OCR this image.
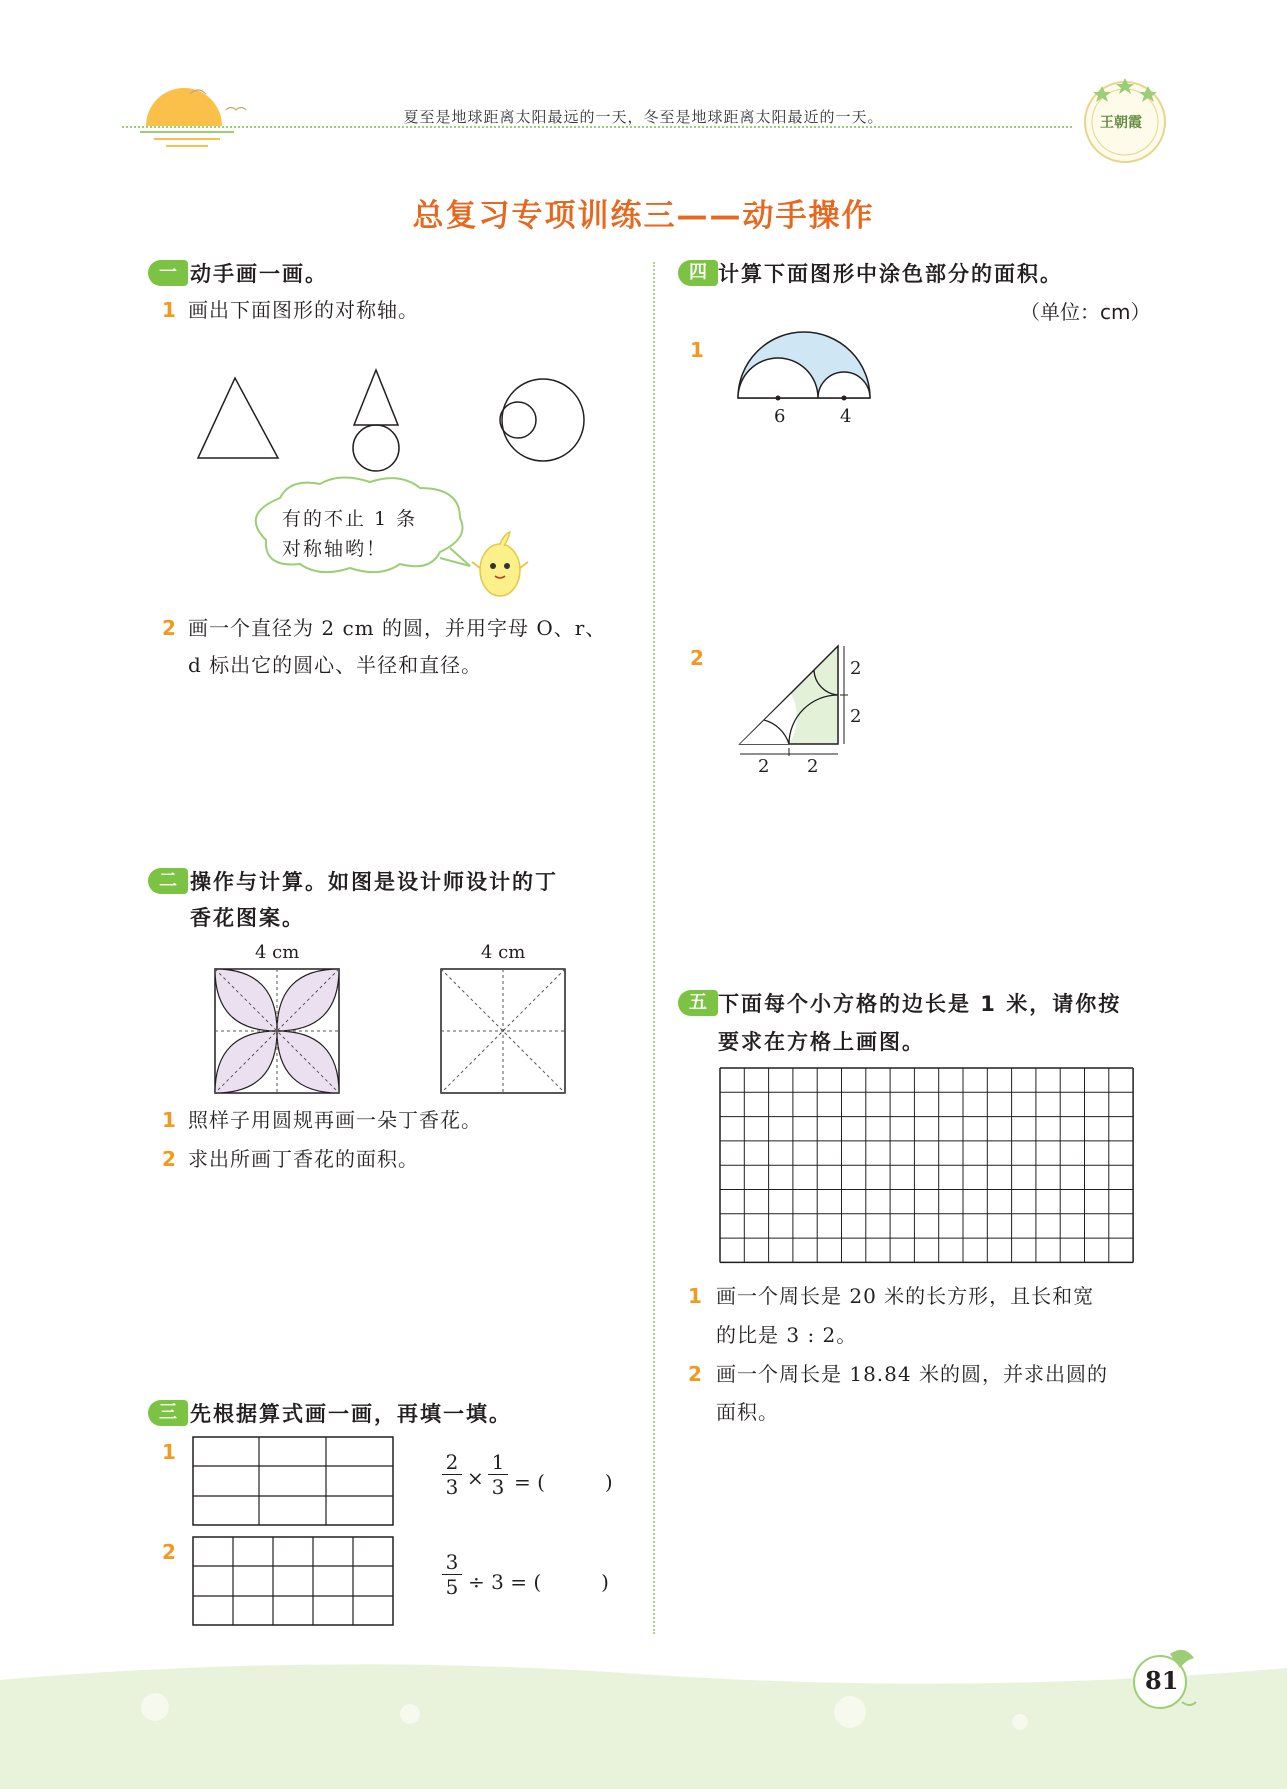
夏至是地球距离太阳最远的一天，冬至是地球距离太阳最近的一天。	王朝霞
总复习专项训练三——动手操作
一 动手画一画。
1 画出下面图形的对称轴。
有的不止 1 条
对称轴哟！
2 画一个直径为 2 cm 的圆，并用字母 O、r、
d 标出它的圆心、半径和直径。
二 操作与计算。如图是设计师设计的丁
香花图案。
4 cm	4 cm
1 照样子用圆规再画一朵丁香花。
2 求出所画丁香花的面积。
三 先根据算式画一画，再填一填。
1	2
3 ×
1
3 = (　　　)
2	3
5 ÷ 3 = (　　　)
四 计算下面图形中涂色部分的面积。
（单位：cm）
1
6	4
2	2
2
2 2
五 下面每个小方格的边长是 1 米，请你按
要求在方格上画图。
1 画一个周长是 20 米的长方形，且长和宽
的比是 3 : 2。
2 画一个周长是 18.84 米的圆，并求出圆的
面积。
81
